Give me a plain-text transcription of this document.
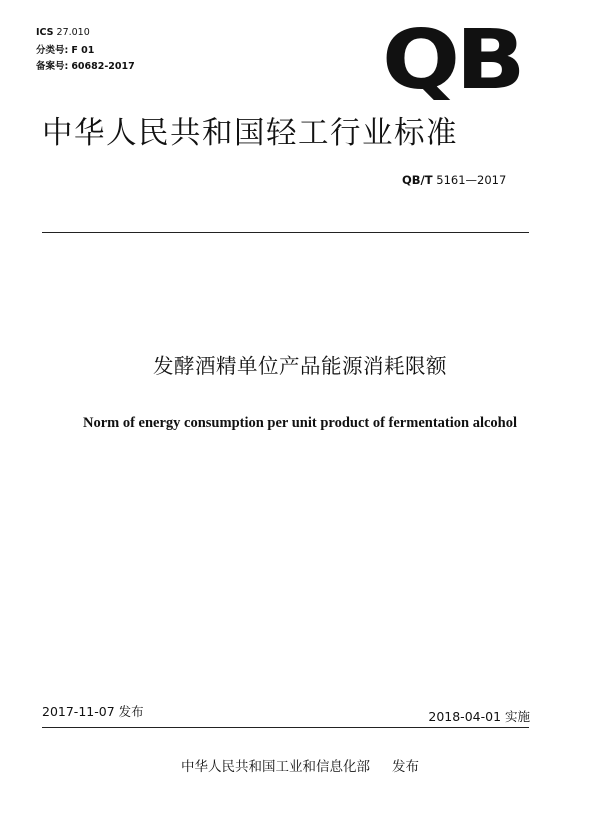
ICS 27.010
分类号: F 01
备案号: 60682-2017	QB
中华人民共和国轻工行业标准
QB/T 5161—2017
发酵酒精单位产品能源消耗限额
Norm of energy consumption per unit product of fermentation alcohol
2017-11-07 发布	2018-04-01 实施
中华人民共和国工业和信息化部 发布
